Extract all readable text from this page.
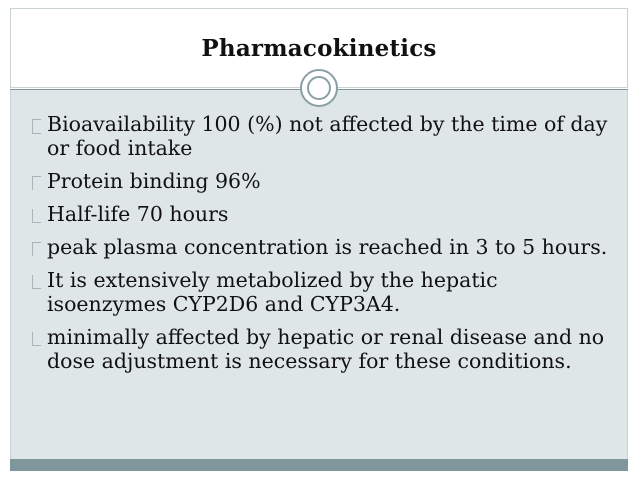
Pharmacokinetics
Bioavailability 100 (%) not affected by the time of day or food intake
Protein binding 96%
Half-life 70 hours
peak plasma concentration is reached in 3 to 5 hours.
It is extensively metabolized by the hepatic isoenzymes CYP2D6 and CYP3A4.
minimally affected by hepatic or renal disease and no dose adjustment is necessary for these conditions.
